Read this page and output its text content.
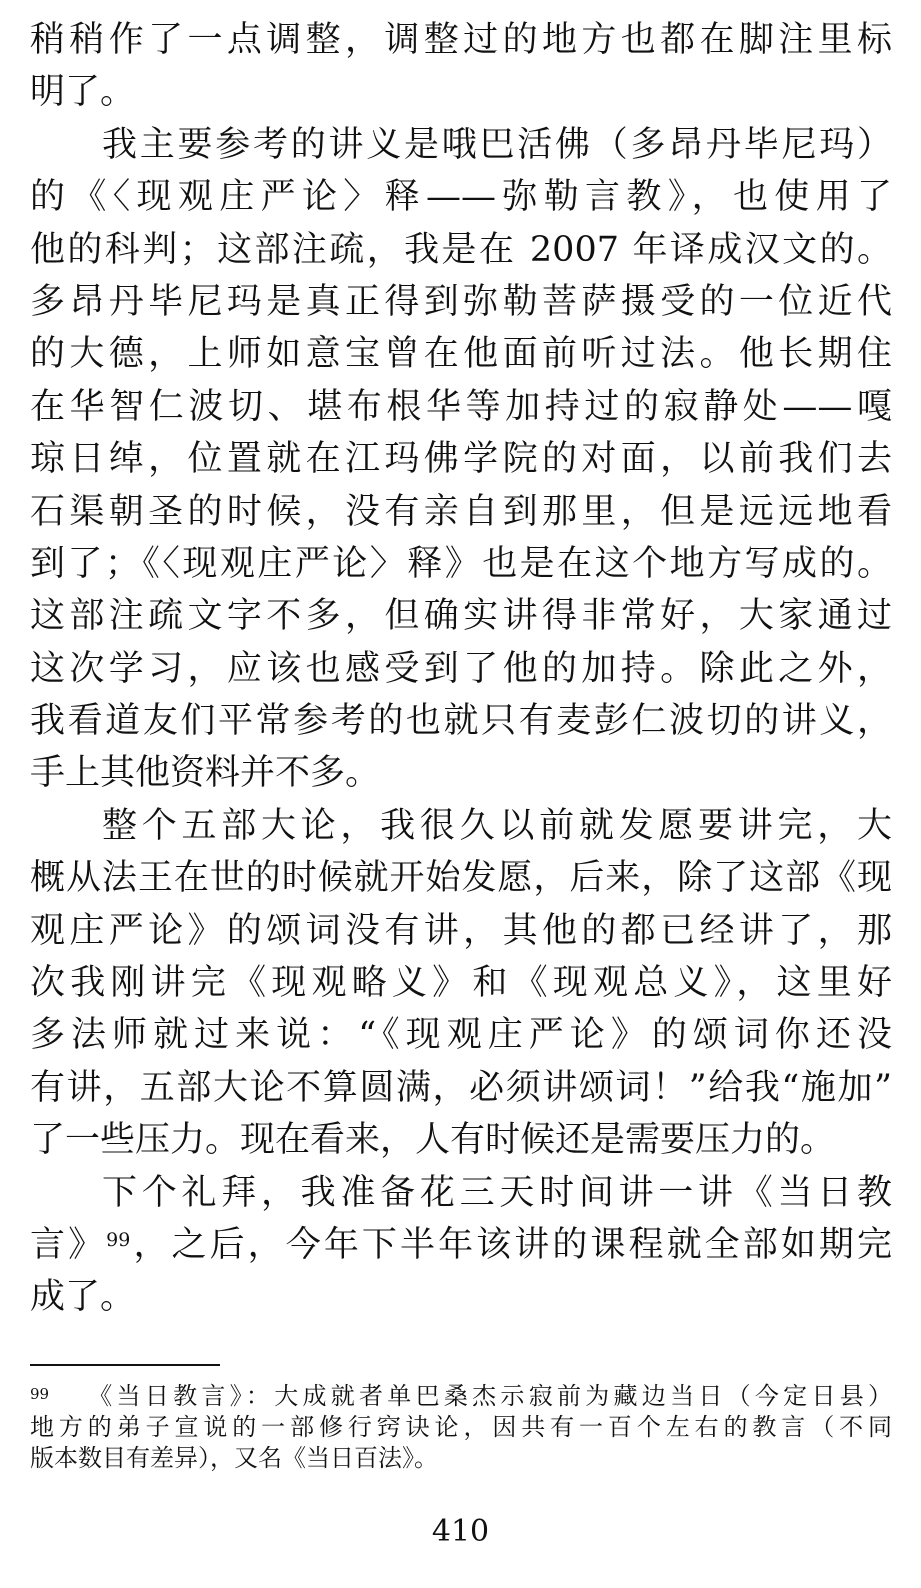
稍稍作了一点调整，调整过的地方也都在脚注里标
明了。
我主要参考的讲义是哦巴活佛（多昂丹毕尼玛）
的《〈现观庄严论〉释——弥勒言教》，也使用了
他的科判；这部注疏，我是在 2007 年译成汉文的。
多昂丹毕尼玛是真正得到弥勒菩萨摄受的一位近代
的大德，上师如意宝曾在他面前听过法。他长期住
在华智仁波切、堪布根华等加持过的寂静处——嘎
琼日绰，位置就在江玛佛学院的对面，以前我们去
石渠朝圣的时候，没有亲自到那里，但是远远地看
到了；《〈现观庄严论〉释》也是在这个地方写成的。
这部注疏文字不多，但确实讲得非常好，大家通过
这次学习，应该也感受到了他的加持。除此之外，
我看道友们平常参考的也就只有麦彭仁波切的讲义，
手上其他资料并不多。
整个五部大论，我很久以前就发愿要讲完，大
概从法王在世的时候就开始发愿，后来，除了这部《现
观庄严论》的颂词没有讲，其他的都已经讲了，那
次我刚讲完《现观略义》和《现观总义》，这里好
多法师就过来说：“《现观庄严论》的颂词你还没
有讲，五部大论不算圆满，必须讲颂词！”给我“施加”
了一些压力。现在看来，人有时候还是需要压力的。
下个礼拜，我准备花三天时间讲一讲《当日教
言》$^{99}$，之后，今年下半年该讲的课程就全部如期完
成了。
99 《当日教言》：大成就者单巴桑杰示寂前为藏边当日（今定日县）
地方的弟子宣说的一部修行窍诀论，因共有一百个左右的教言（不同
版本数目有差异），又名《当日百法》。
410
